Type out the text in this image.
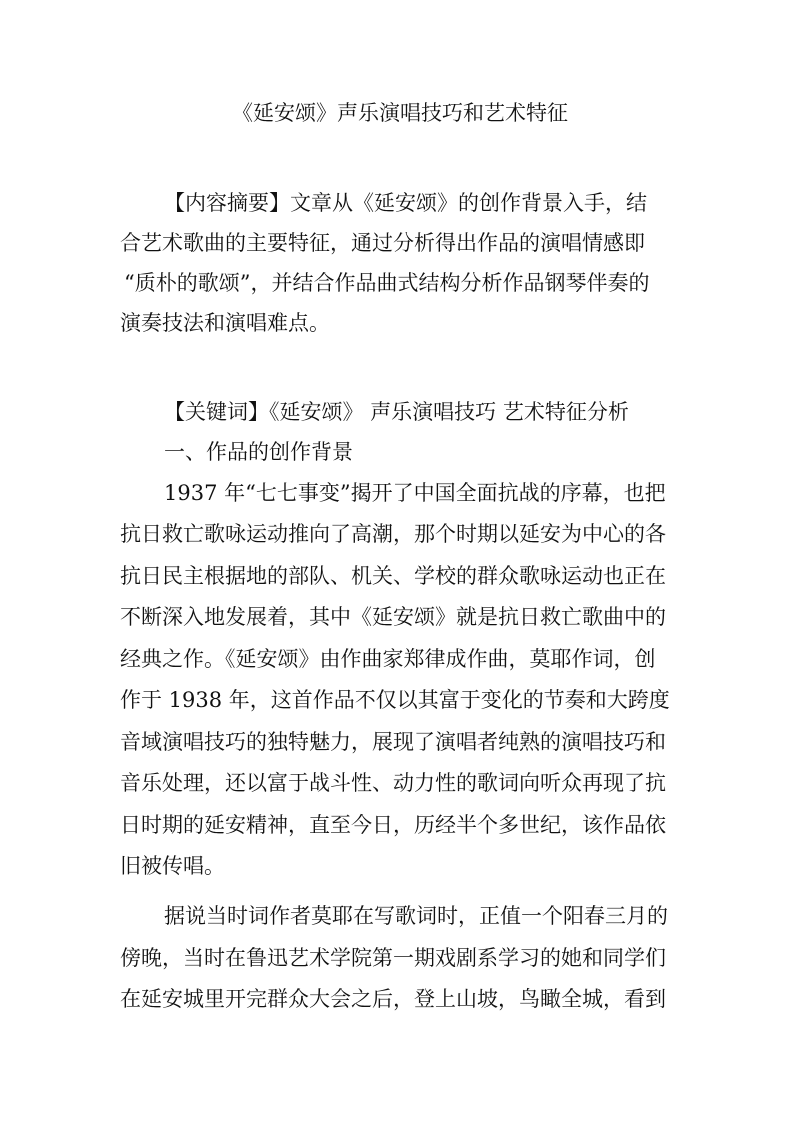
《延安颂》声乐演唱技巧和艺术特征
【内容摘要】文章从《延安颂》的创作背景入手，结
合艺术歌曲的主要特征，通过分析得出作品的演唱情感即
“质朴的歌颂”，并结合作品曲式结构分析作品钢琴伴奏的
演奏技法和演唱难点。
【关键词】《延安颂》 声乐演唱技巧 艺术特征分析
一、作品的创作背景
1937 年“七七事变”揭开了中国全面抗战的序幕，也把
抗日救亡歌咏运动推向了高潮，那个时期以延安为中心的各
抗日民主根据地的部队、机关、学校的群众歌咏运动也正在
不断深入地发展着，其中《延安颂》就是抗日救亡歌曲中的
经典之作。《延安颂》由作曲家郑律成作曲，莫耶作词，创
作于 1938 年，这首作品不仅以其富于变化的节奏和大跨度
音域演唱技巧的独特魅力，展现了演唱者纯熟的演唱技巧和
音乐处理，还以富于战斗性、动力性的歌词向听众再现了抗
日时期的延安精神，直至今日，历经半个多世纪，该作品依
旧被传唱。
据说当时词作者莫耶在写歌词时，正值一个阳春三月的
傍晚，当时在鲁迅艺术学院第一期戏剧系学习的她和同学们
在延安城里开完群众大会之后，登上山坡，鸟瞰全城，看到
